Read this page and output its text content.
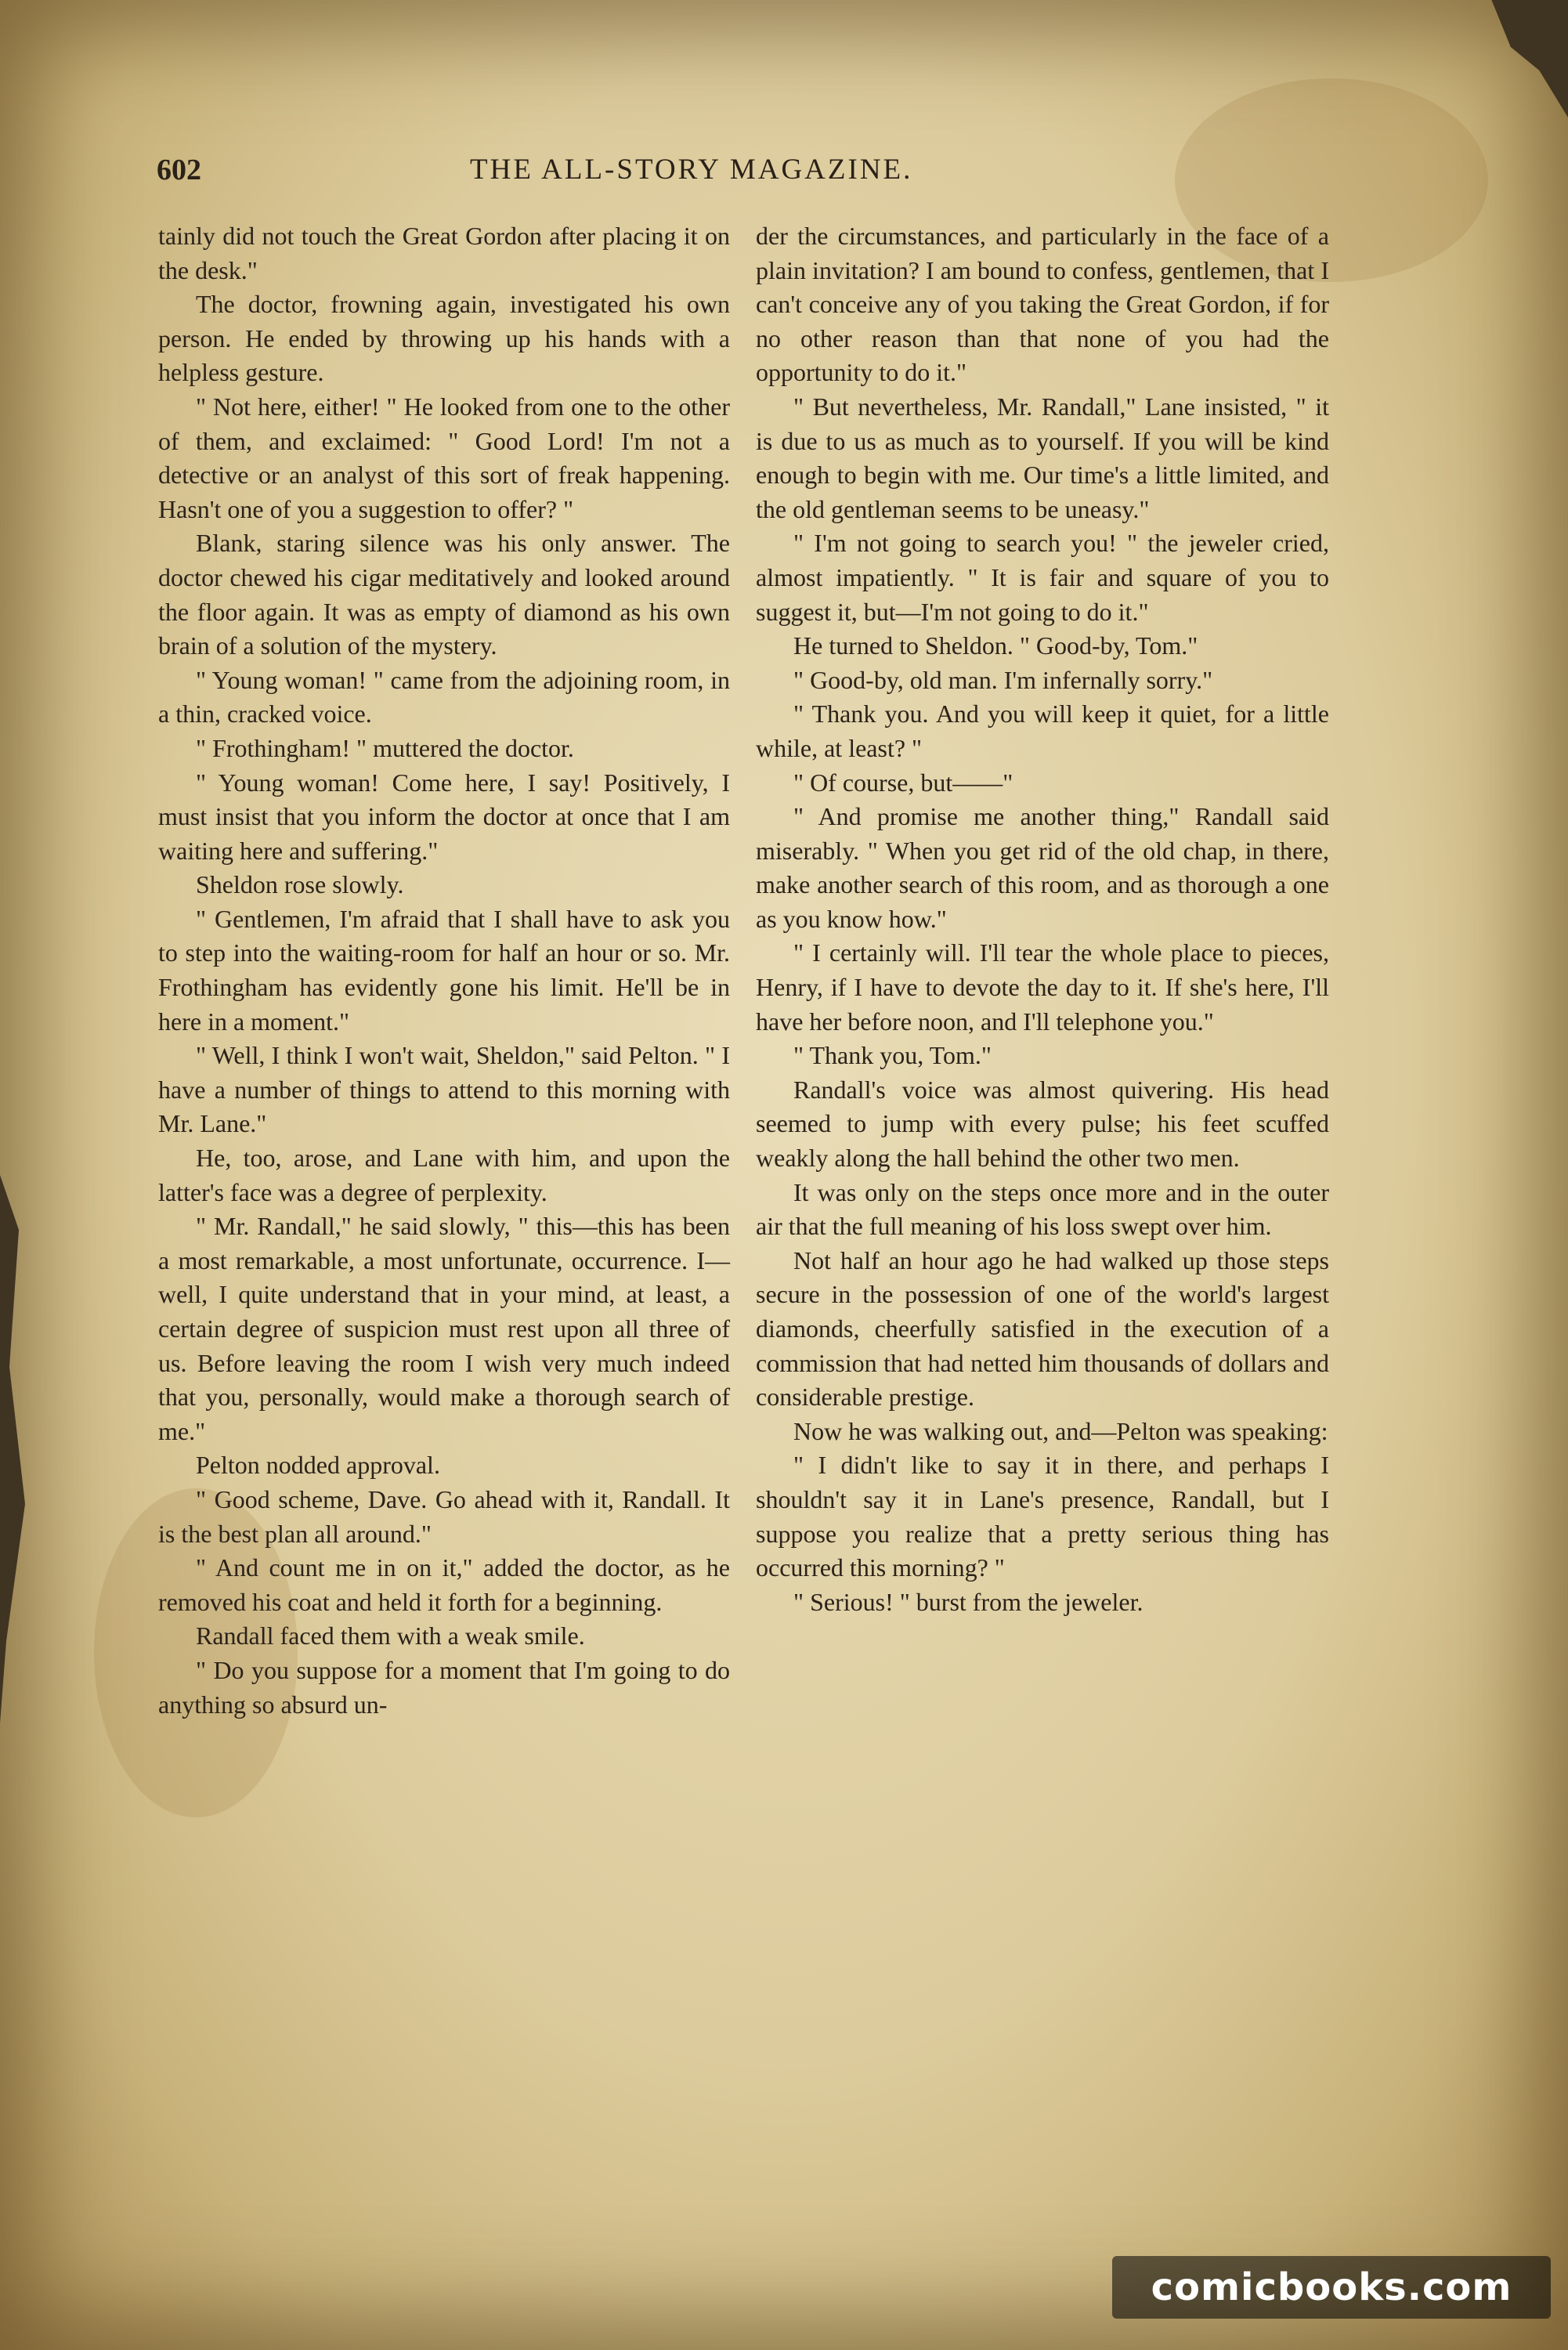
602	THE ALL-STORY MAGAZINE.

tainly did not touch the Great Gordon after placing it on the desk."

The doctor, frowning again, investigated his own person. He ended by throwing up his hands with a helpless gesture.

" Not here, either! " He looked from one to the other of them, and exclaimed: " Good Lord! I'm not a detective or an analyst of this sort of freak happening. Hasn't one of you a suggestion to offer? "

Blank, staring silence was his only answer. The doctor chewed his cigar meditatively and looked around the floor again. It was as empty of diamond as his own brain of a solution of the mystery.

" Young woman! " came from the adjoining room, in a thin, cracked voice.

" Frothingham! " muttered the doctor.

" Young woman! Come here, I say! Positively, I must insist that you inform the doctor at once that I am waiting here and suffering."

Sheldon rose slowly.

" Gentlemen, I'm afraid that I shall have to ask you to step into the waiting-room for half an hour or so. Mr. Frothingham has evidently gone his limit. He'll be in here in a moment."

" Well, I think I won't wait, Sheldon," said Pelton. " I have a number of things to attend to this morning with Mr. Lane."

He, too, arose, and Lane with him, and upon the latter's face was a degree of perplexity.

" Mr. Randall," he said slowly, " this—this has been a most remarkable, a most unfortunate, occurrence. I—well, I quite understand that in your mind, at least, a certain degree of suspicion must rest upon all three of us. Before leaving the room I wish very much indeed that you, personally, would make a thorough search of me."

Pelton nodded approval.

" Good scheme, Dave. Go ahead with it, Randall. It is the best plan all around."

" And count me in on it," added the doctor, as he removed his coat and held it forth for a beginning.

Randall faced them with a weak smile.

" Do you suppose for a moment that I'm going to do anything so absurd un-

der the circumstances, and particularly in the face of a plain invitation? I am bound to confess, gentlemen, that I can't conceive any of you taking the Great Gordon, if for no other reason than that none of you had the opportunity to do it."

" But nevertheless, Mr. Randall," Lane insisted, " it is due to us as much as to yourself. If you will be kind enough to begin with me. Our time's a little limited, and the old gentleman seems to be uneasy."

" I'm not going to search you! " the jeweler cried, almost impatiently. " It is fair and square of you to suggest it, but—I'm not going to do it."

He turned to Sheldon. " Good-by, Tom."

" Good-by, old man. I'm infernally sorry."

" Thank you. And you will keep it quiet, for a little while, at least? "

" Of course, but——"

" And promise me another thing," Randall said miserably. " When you get rid of the old chap, in there, make another search of this room, and as thorough a one as you know how."

" I certainly will. I'll tear the whole place to pieces, Henry, if I have to devote the day to it. If she's here, I'll have her before noon, and I'll telephone you."

" Thank you, Tom."

Randall's voice was almost quivering. His head seemed to jump with every pulse; his feet scuffed weakly along the hall behind the other two men.

It was only on the steps once more and in the outer air that the full meaning of his loss swept over him.

Not half an hour ago he had walked up those steps secure in the possession of one of the world's largest diamonds, cheerfully satisfied in the execution of a commission that had netted him thousands of dollars and considerable prestige.

Now he was walking out, and—Pelton was speaking:

" I didn't like to say it in there, and perhaps I shouldn't say it in Lane's presence, Randall, but I suppose you realize that a pretty serious thing has occurred this morning? "

" Serious! " burst from the jeweler.

comicbooks.com
